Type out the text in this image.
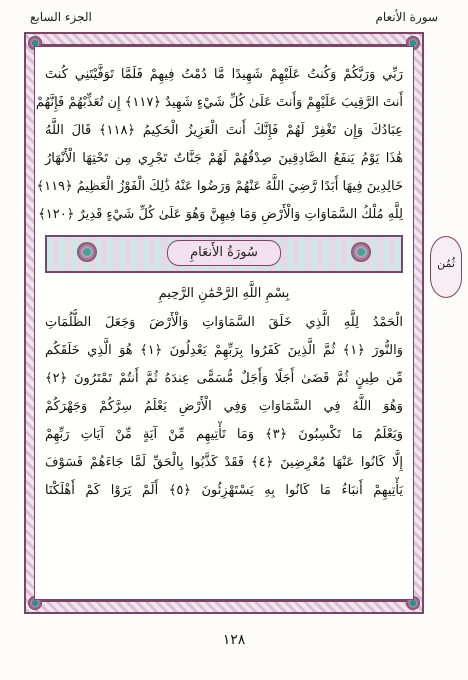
سورة الأنعام
الجزء السابع
رَبِّي وَرَبَّكُمْ وَكُنتُ عَلَيْهِمْ شَهِيدًا مَّا دُمْتُ فِيهِمْ فَلَمَّا تَوَفَّيْتَنِي كُنتَ
أَنتَ الرَّقِيبَ عَلَيْهِمْ وَأَنتَ عَلَىٰ كُلِّ شَيْءٍ شَهِيدٌ ﴿١١٧﴾ إِن تُعَذِّبْهُمْ فَإِنَّهُمْ
عِبَادُكَ وَإِن تَغْفِرْ لَهُمْ فَإِنَّكَ أَنتَ الْعَزِيزُ الْحَكِيمُ ﴿١١٨﴾ قَالَ اللَّهُ
هَٰذَا يَوْمُ يَنفَعُ الصَّادِقِينَ صِدْقُهُمْ لَهُمْ جَنَّاتٌ تَجْرِي مِن تَحْتِهَا الْأَنْهَارُ
خَالِدِينَ فِيهَا أَبَدًا رَّضِيَ اللَّهُ عَنْهُمْ وَرَضُوا عَنْهُ ذَٰلِكَ الْفَوْزُ الْعَظِيمُ ﴿١١٩﴾
لِلَّهِ مُلْكُ السَّمَاوَاتِ وَالْأَرْضِ وَمَا فِيهِنَّ وَهُوَ عَلَىٰ كُلِّ شَيْءٍ قَدِيرٌ ﴿١٢٠﴾
سُورَةُ الأَنعَامِ
بِسْمِ اللَّهِ الرَّحْمَٰنِ الرَّحِيمِ
الْحَمْدُ لِلَّهِ الَّذِي خَلَقَ السَّمَاوَاتِ وَالْأَرْضَ وَجَعَلَ الظُّلُمَاتِ
وَالنُّورَ ﴿١﴾ ثُمَّ الَّذِينَ كَفَرُوا بِرَبِّهِمْ يَعْدِلُونَ ﴿١﴾ هُوَ الَّذِي خَلَقَكُم
مِّن طِينٍ ثُمَّ قَضَىٰ أَجَلًا وَأَجَلٌ مُّسَمًّى عِندَهُ ثُمَّ أَنتُمْ تَمْتَرُونَ ﴿٢﴾
وَهُوَ اللَّهُ فِي السَّمَاوَاتِ وَفِي الْأَرْضِ يَعْلَمُ سِرَّكُمْ وَجَهْرَكُمْ
وَيَعْلَمُ مَا تَكْسِبُونَ ﴿٣﴾ وَمَا تَأْتِيهِم مِّنْ آيَةٍ مِّنْ آيَاتِ رَبِّهِمْ
إِلَّا كَانُوا عَنْهَا مُعْرِضِينَ ﴿٤﴾ فَقَدْ كَذَّبُوا بِالْحَقِّ لَمَّا جَاءَهُمْ فَسَوْفَ
يَأْتِيهِمْ أَنبَاءُ مَا كَانُوا بِهِ يَسْتَهْزِئُونَ ﴿٥﴾ أَلَمْ يَرَوْا كَمْ أَهْلَكْنَا
ثُمُن
١٢٨
